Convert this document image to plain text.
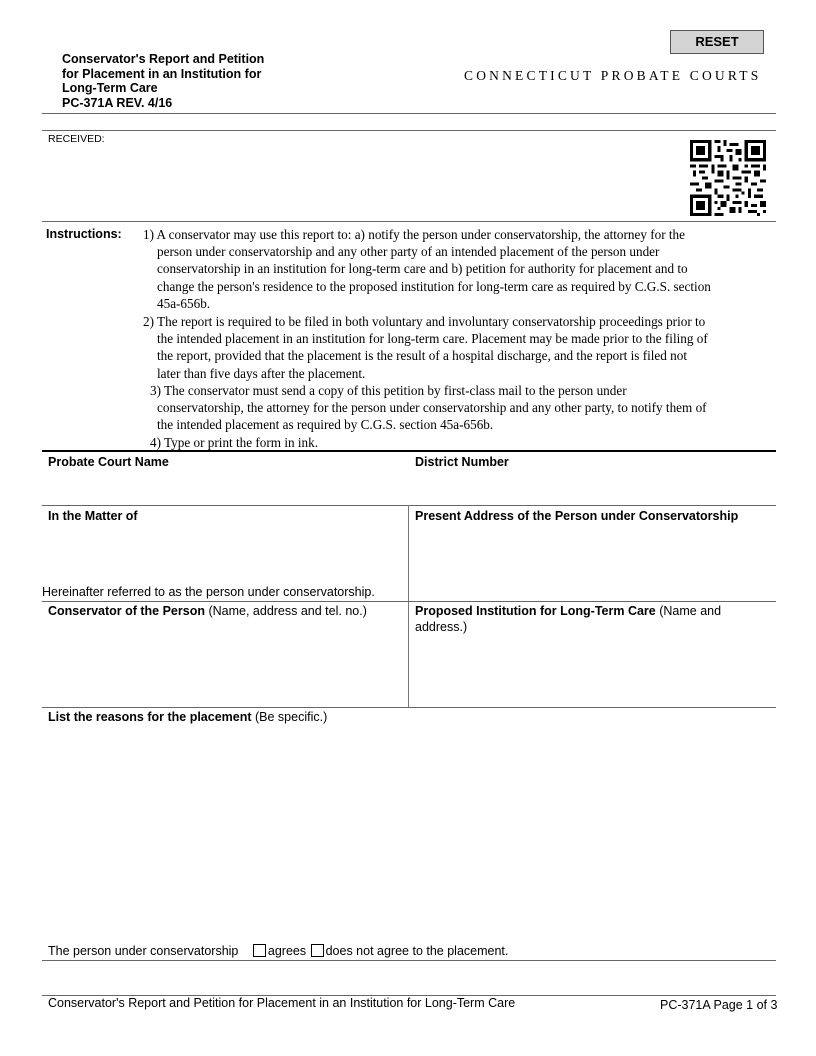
Conservator's Report and Petition
for Placement in an Institution for
Long-Term Care
PC-371A REV. 4/16
RESET
CONNECTICUT PROBATE COURTS
RECEIVED:
Instructions: 1) A conservator may use this report to: a) notify the person under conservatorship, the attorney for the
person under conservatorship and any other party of an intended placement of the person under
conservatorship in an institution for long-term care and b) petition for authority for placement and to
change the person's residence to the proposed institution for long-term care as required by C.G.S. section
45a-656b.
2) The report is required to be filed in both voluntary and involuntary conservatorship proceedings prior to
the intended placement in an institution for long-term care. Placement may be made prior to the filing of
the report, provided that the placement is the result of a hospital discharge, and the report is filed not
later than five days after the placement.
3) The conservator must send a copy of this petition by first-class mail to the person under
conservatorship, the attorney for the person under conservatorship and any other party, to notify them of
the intended placement as required by C.G.S. section 45a-656b.
4) Type or print the form in ink.
Probate Court Name	District Number
In the Matter of	Present Address of the Person under Conservatorship
Hereinafter referred to as the person under conservatorship.
Conservator of the Person (Name, address and tel. no.)	Proposed Institution for Long-Term Care (Name and
address.)
List the reasons for the placement (Be specific.)
The person under conservatorship agrees does not agree to the placement.
Conservator's Report and Petition for Placement in an Institution for Long-Term Care	PC-371A Page 1 of 3
